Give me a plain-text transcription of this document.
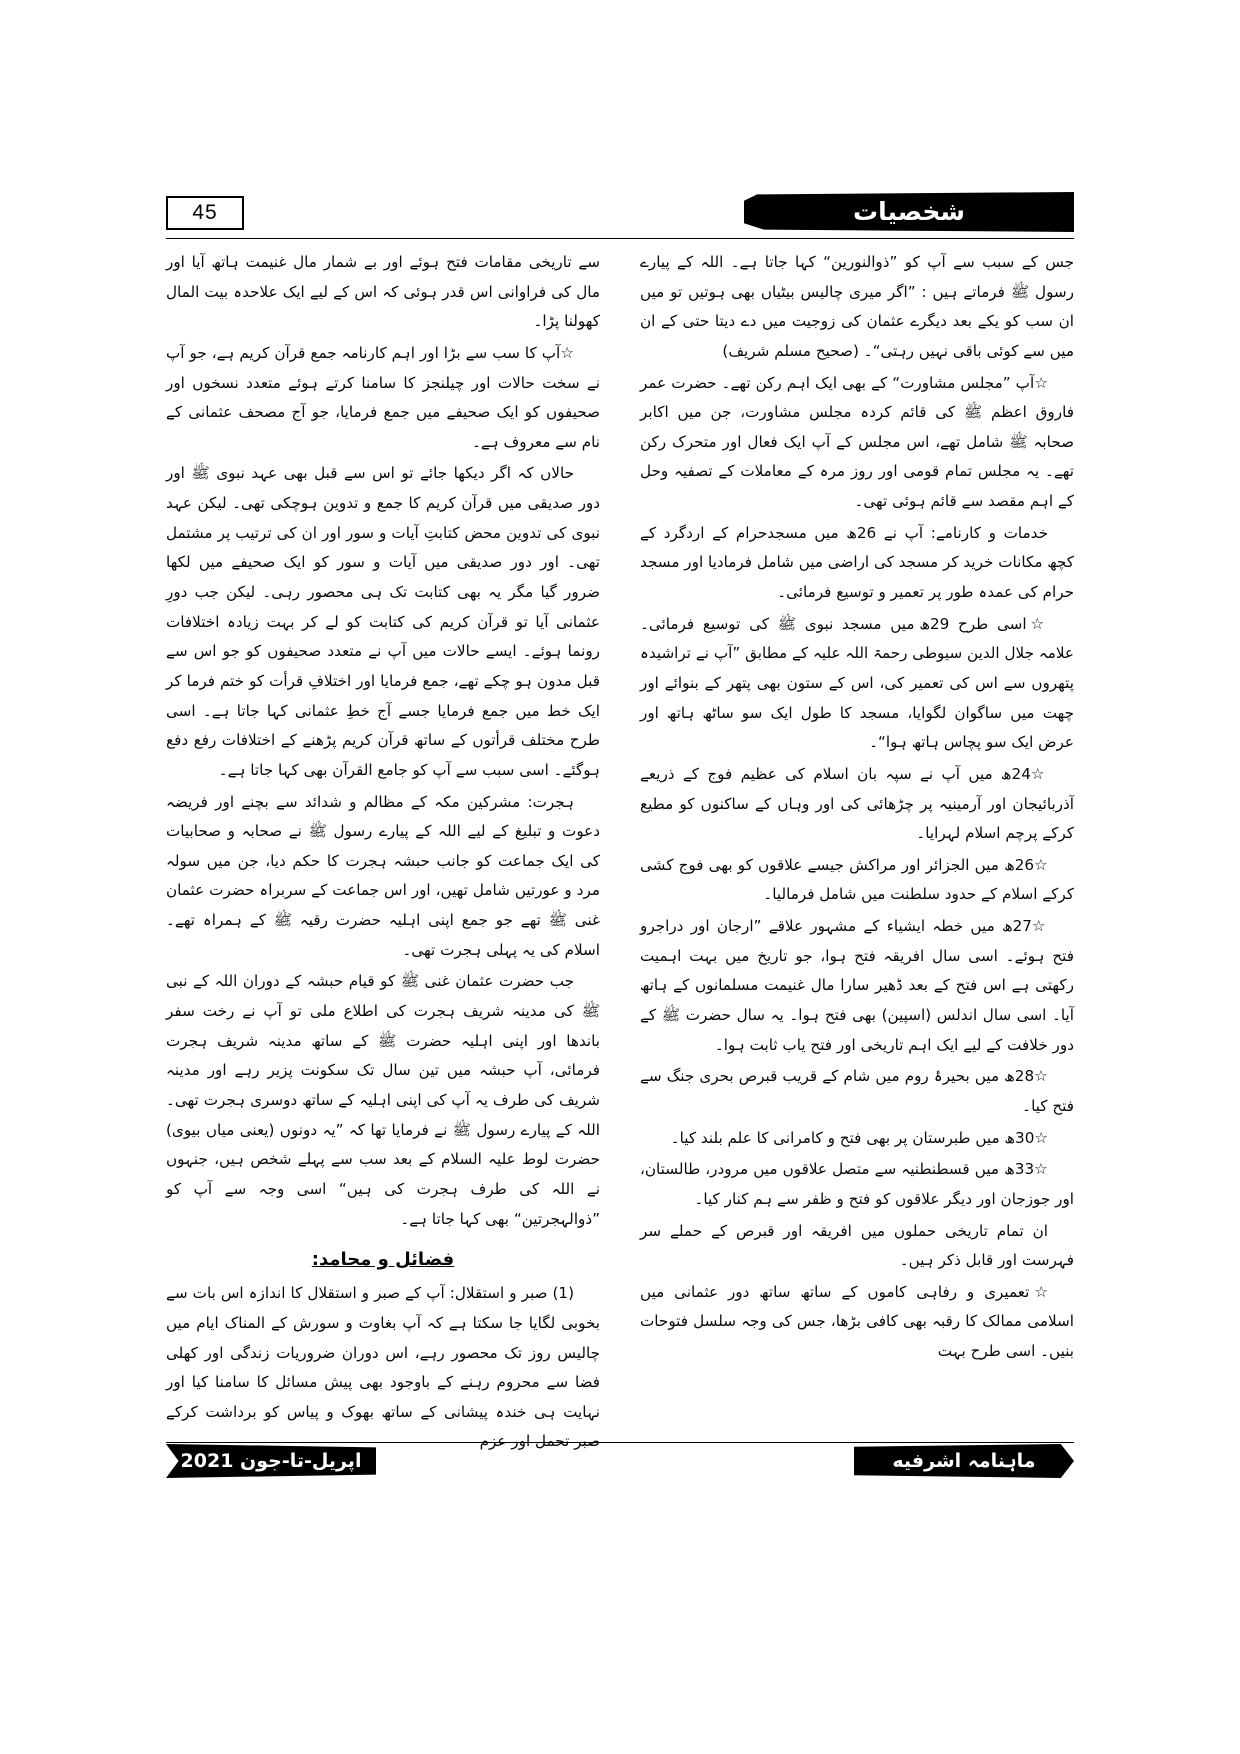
45	شخصیات

جس کے سبب سے آپ کو ”ذوالنورین“ کہا جاتا ہے۔ اللہ کے پیارے رسول ﷺ فرماتے ہیں : ”اگر میری چالیس بیٹیاں بھی ہوتیں تو میں ان سب کو یکے بعد دیگرے عثمان کی زوجیت میں دے دیتا حتی کے ان میں سے کوئی باقی نہیں رہتی“۔ (صحیح مسلم شریف)

☆آپ ”مجلس مشاورت“ کے بھی ایک اہم رکن تھے۔ حضرت عمر فاروق اعظم ﷺ کی قائم کردہ مجلس مشاورت، جن میں اکابر صحابہ ﷺ شامل تھے، اس مجلس کے آپ ایک فعال اور متحرک رکن تھے۔ یہ مجلس تمام قومی اور روز مرہ کے معاملات کے تصفیہ وحل کے اہم مقصد سے قائم ہوئی تھی۔

خدمات و کارنامے: آپ نے 26ھ میں مسجدحرام کے اردگرد کے کچھ مکانات خرید کر مسجد کی اراضی میں شامل فرمادیا اور مسجد حرام کی عمدہ طور پر تعمیر و توسیع فرمائی۔

☆اسی طرح 29ھ میں مسجد نبوی ﷺ کی توسیع فرمائی۔ علامہ جلال الدین سیوطی رحمۃ اللہ علیہ کے مطابق ”آپ نے تراشیدہ پتھروں سے اس کی تعمیر کی، اس کے ستون بھی پتھر کے بنوائے اور چھت میں ساگوان لگوایا، مسجد کا طول ایک سو ساٹھ ہاتھ اور عرض ایک سو پچاس ہاتھ ہوا“۔

☆24ھ میں آپ نے سپہ بان اسلام کی عظیم فوج کے ذریعے آذربائیجان اور آرمینیہ پر چڑھائی کی اور وہاں کے ساکنوں کو مطیع کرکے پرچم اسلام لہرایا۔

☆26ھ میں الجزائر اور مراکش جیسے علاقوں کو بھی فوج کشی کرکے اسلام کے حدود سلطنت میں شامل فرمالیا۔

☆27ھ میں خطہ ایشیاء کے مشہور علاقے ”ارجان اور دراجرو فتح ہوئے۔ اسی سال افریقہ فتح ہوا، جو تاریخ میں بہت اہمیت رکھتی ہے اس فتح کے بعد ڈھیر سارا مال غنیمت مسلمانوں کے ہاتھ آیا۔ اسی سال اندلس (اسپین) بھی فتح ہوا۔ یہ سال حضرت ﷺ کے دور خلافت کے لیے ایک اہم تاریخی اور فتح یاب ثابت ہوا۔

☆28ھ میں بحیرۂ روم میں شام کے قریب قبرص بحری جنگ سے فتح کیا۔

☆30ھ میں طبرستان پر بھی فتح و کامرانی کا علم بلند کیا۔

☆33ھ میں قسطنطنیہ سے متصل علاقوں میں مرودر، طالستان، اور جوزجان اور دیگر علاقوں کو فتح و ظفر سے ہم کنار کیا۔

ان تمام تاریخی حملوں میں افریقہ اور قبرص کے حملے سر فہرست اور قابل ذکر ہیں۔

☆تعمیری و رفاہی کاموں کے ساتھ ساتھ دور عثمانی میں اسلامی ممالک کا رقبہ بھی کافی بڑھا، جس کی وجہ سلسل فتوحات بنیں۔ اسی طرح بہت

سے تاریخی مقامات فتح ہوئے اور بے شمار مال غنیمت ہاتھ آیا اور مال کی فراوانی اس قدر ہوئی کہ اس کے لیے ایک علاحدہ بیت المال کھولنا پڑا۔

☆آپ کا سب سے بڑا اور اہم کارنامہ جمع قرآن کریم ہے، جو آپ نے سخت حالات اور چیلنجز کا سامنا کرتے ہوئے متعدد نسخوں اور صحیفوں کو ایک صحیفے میں جمع فرمایا، جو آج مصحف عثمانی کے نام سے معروف ہے۔

حالاں کہ اگر دیکھا جائے تو اس سے قبل بھی عہد نبوی ﷺ اور دور صدیقی میں قرآن کریم کا جمع و تدوین ہوچکی تھی۔ لیکن عہد نبوی کی تدوین محض کتابتِ آیات و سور اور ان کی ترتیب پر مشتمل تھی۔ اور دور صدیقی میں آیات و سور کو ایک صحیفے میں لکھا ضرور گیا مگر یہ بھی کتابت تک ہی محصور رہی۔ لیکن جب دورِ عثمانی آیا تو قرآن کریم کی کتابت کو لے کر بہت زیادہ اختلافات رونما ہوئے۔ ایسے حالات میں آپ نے متعدد صحیفوں کو جو اس سے قبل مدون ہو چکے تھے، جمع فرمایا اور اختلافِ قرأت کو ختم فرما کر ایک خط میں جمع فرمایا جسے آج خطِ عثمانی کہا جاتا ہے۔ اسی طرح مختلف قرأتوں کے ساتھ قرآن کریم پڑھنے کے اختلافات رفع دفع ہوگئے۔ اسی سبب سے آپ کو جامع القرآن بھی کہا جاتا ہے۔

ہجرت: مشرکین مکہ کے مظالم و شدائد سے بچنے اور فریضہ دعوت و تبلیغ کے لیے اللہ کے پیارے رسول ﷺ نے صحابہ و صحابیات کی ایک جماعت کو جانب حبشہ ہجرت کا حکم دیا، جن میں سولہ مرد و عورتیں شامل تھیں، اور اس جماعت کے سربراہ حضرت عثمان غنی ﷺ تھے جو جمع اپنی اہلیہ حضرت رقیہ ﷺ کے ہمراہ تھے۔ اسلام کی یہ پہلی ہجرت تھی۔

جب حضرت عثمان غنی ﷺ کو قیام حبشہ کے دوران اللہ کے نبی ﷺ کی مدینہ شریف ہجرت کی اطلاع ملی تو آپ نے رخت سفر باندھا اور اپنی اہلیہ حضرت ﷺ کے ساتھ مدینہ شریف ہجرت فرمائی، آپ حبشہ میں تین سال تک سکونت پزیر رہے اور مدینہ شریف کی طرف یہ آپ کی اپنی اہلیہ کے ساتھ دوسری ہجرت تھی۔ اللہ کے پیارے رسول ﷺ نے فرمایا تھا کہ ”یہ دونوں (یعنی میاں بیوی) حضرت لوط علیہ السلام کے بعد سب سے پہلے شخص ہیں، جنہوں نے اللہ کی طرف ہجرت کی ہیں“ اسی وجہ سے آپ کو ”ذوالہجرتین“ بھی کہا جاتا ہے۔

فضائل و محامد:

(1) صبر و استقلال: آپ کے صبر و استقلال کا اندازہ اس بات سے بخوبی لگایا جا سکتا ہے کہ آپ بغاوت و سورش کے المناک ایام میں چالیس روز تک محصور رہے، اس دوران ضروریات زندگی اور کھلی فضا سے محروم رہنے کے باوجود بھی پیش مسائل کا سامنا کیا اور نہایت ہی خندہ پیشانی کے ساتھ بھوک و پیاس کو برداشت کرکے صبر تحمل اور عزم

اپریل-تا-جون 2021	ماہنامہ اشرفیه
